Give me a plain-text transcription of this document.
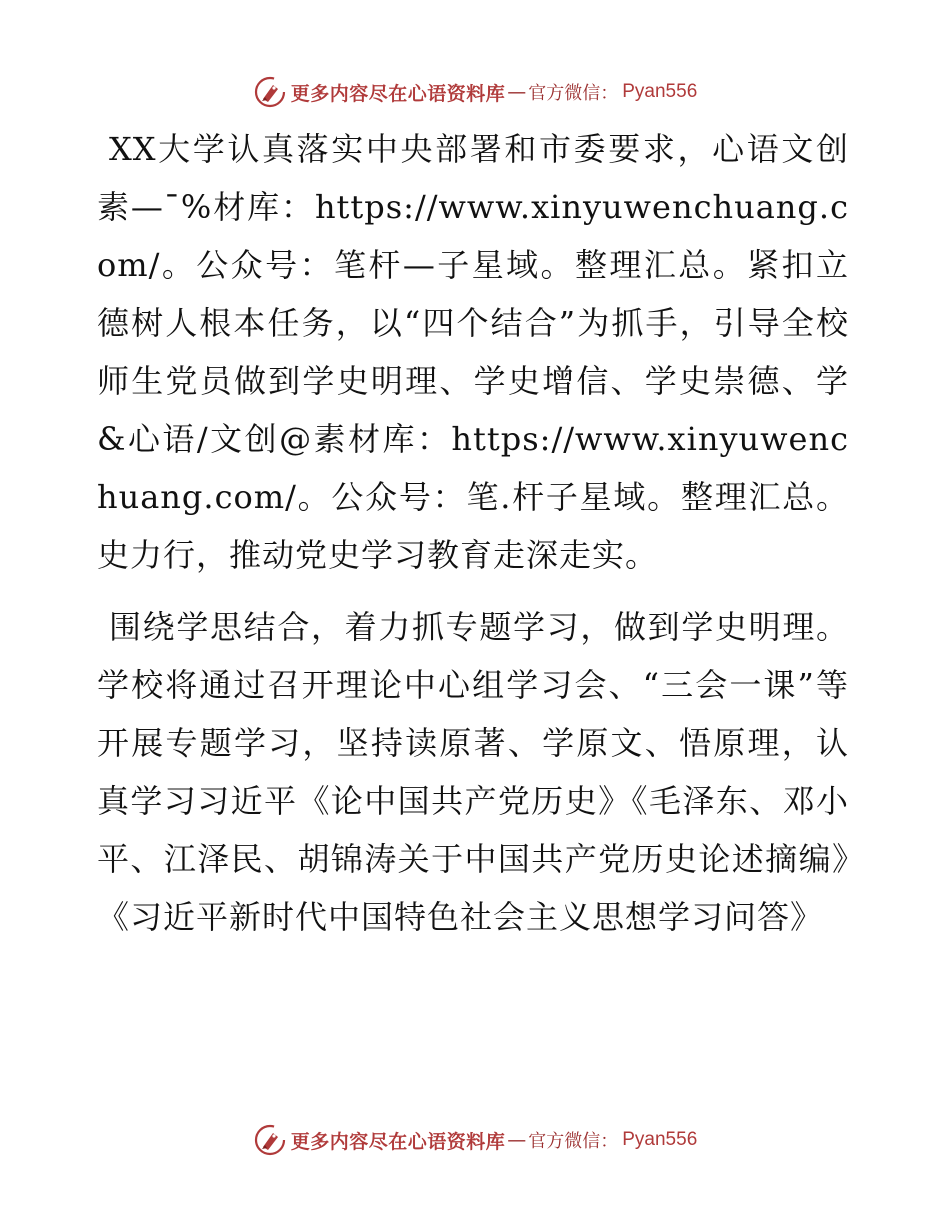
更多内容尽在心语资料库 — 官方微信： Pyan556

XX大学认真落实中央部署和市委要求，心语文创素—¯%材库：https://www.xinyuwenchuang.com/。公众号：笔杆—子星域。整理汇总。紧扣立德树人根本任务，以“四个结合”为抓手，引导全校师生党员做到学史明理、学史增信、学史崇德、学&心语/文创@素材库：https://www.xinyuwenchuang.com/。公众号：笔.杆子星域。整理汇总。史力行，推动党史学习教育走深走实。

围绕学思结合，着力抓专题学习，做到学史明理。学校将通过召开理论中心组学习会、“三会一课”等开展专题学习，坚持读原著、学原文、悟原理，认真学习习近平《论中国共产党历史》《毛泽东、邓小平、江泽民、胡锦涛关于中国共产党历史论述摘编》《习近平新时代中国特色社会主义思想学习问答》

更多内容尽在心语资料库 — 官方微信： Pyan556
